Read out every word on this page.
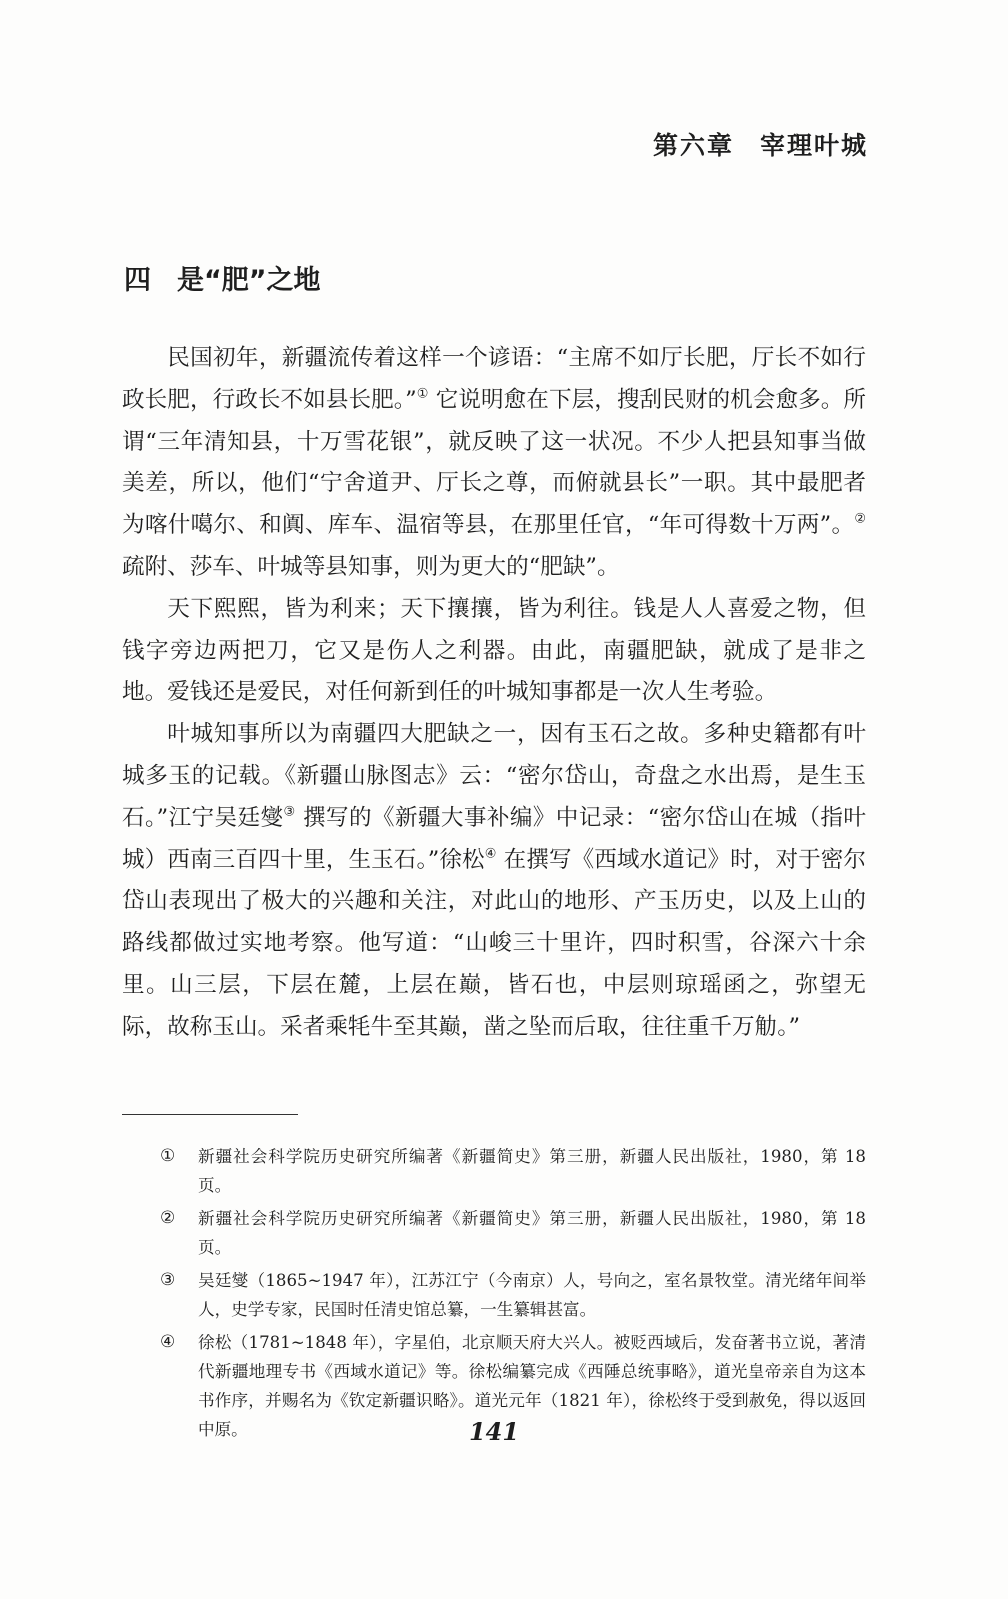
第六章 宰理叶城
四 是“肥”之地

民国初年，新疆流传着这样一个谚语：“主席不如厅长肥，厅长不如行政长肥，行政长不如县长肥。”① 它说明愈在下层，搜刮民财的机会愈多。所谓“三年清知县，十万雪花银”，就反映了这一状况。不少人把县知事当做美差，所以，他们“宁舍道尹、厅长之尊，而俯就县长”一职。其中最肥者为喀什噶尔、和阗、库车、温宿等县，在那里任官，“年可得数十万两”。② 疏附、莎车、叶城等县知事，则为更大的“肥缺”。

天下熙熙，皆为利来；天下攘攘，皆为利往。钱是人人喜爱之物，但钱字旁边两把刀，它又是伤人之利器。由此，南疆肥缺，就成了是非之地。爱钱还是爱民，对任何新到任的叶城知事都是一次人生考验。

叶城知事所以为南疆四大肥缺之一，因有玉石之故。多种史籍都有叶城多玉的记载。《新疆山脉图志》云：“密尔岱山，奇盘之水出焉，是生玉石。”江宁吴廷燮③ 撰写的《新疆大事补编》中记录：“密尔岱山在城（指叶城）西南三百四十里，生玉石。”徐松④ 在撰写《西域水道记》时，对于密尔岱山表现出了极大的兴趣和关注，对此山的地形、产玉历史，以及上山的路线都做过实地考察。他写道：“山峻三十里许，四时积雪，谷深六十余里。山三层，下层在麓，上层在巅，皆石也，中层则琼瑶函之，弥望无际，故称玉山。采者乘牦牛至其巅，凿之坠而后取，往往重千万觔。”

①	新疆社会科学院历史研究所编著《新疆简史》第三册，新疆人民出版社，1980，第 18 页。
②	新疆社会科学院历史研究所编著《新疆简史》第三册，新疆人民出版社，1980，第 18 页。
③	吴廷燮（1865~1947 年），江苏江宁（今南京）人，号向之，室名景牧堂。清光绪年间举人，史学专家，民国时任清史馆总纂，一生纂辑甚富。
④	徐松（1781~1848 年），字星伯，北京顺天府大兴人。被贬西域后，发奋著书立说，著清代新疆地理专书《西域水道记》等。徐松编纂完成《西陲总统事略》，道光皇帝亲自为这本书作序，并赐名为《钦定新疆识略》。道光元年（1821 年），徐松终于受到赦免，得以返回中原。	141
